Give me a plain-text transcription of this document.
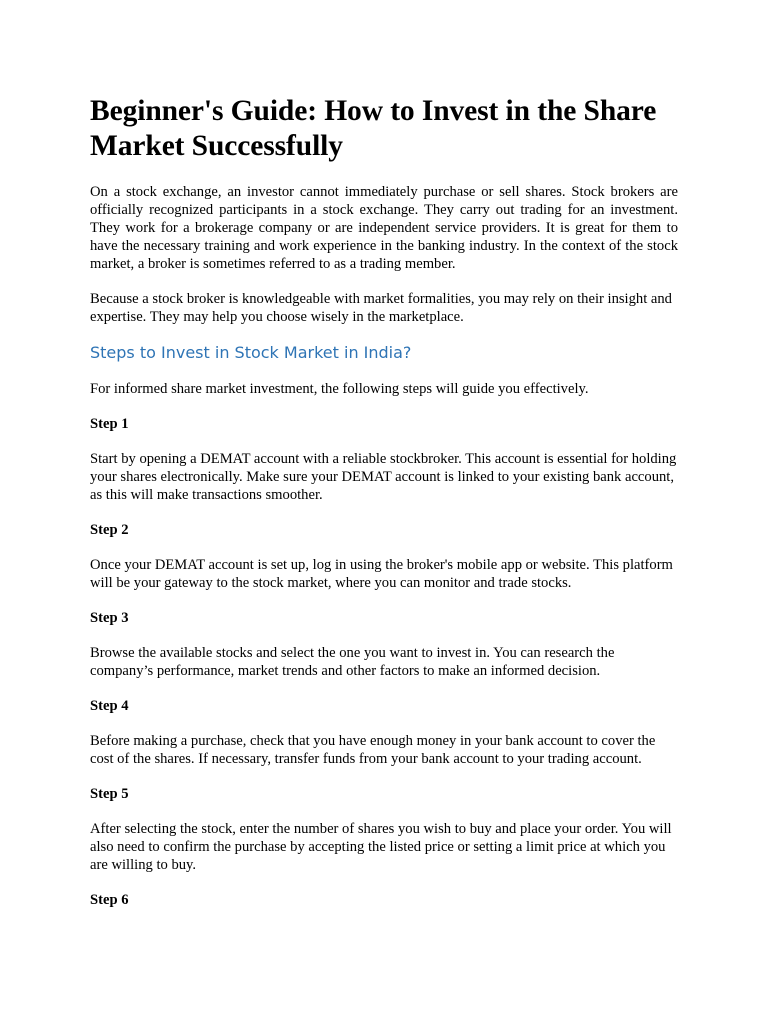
Beginner's Guide: How to Invest in the Share Market Successfully

On a stock exchange, an investor cannot immediately purchase or sell shares. Stock brokers are officially recognized participants in a stock exchange. They carry out trading for an investment. They work for a brokerage company or are independent service providers. It is great for them to have the necessary training and work experience in the banking industry. In the context of the stock market, a broker is sometimes referred to as a trading member.

Because a stock broker is knowledgeable with market formalities, you may rely on their insight and expertise. They may help you choose wisely in the marketplace.

Steps to Invest in Stock Market in India?

For informed share market investment, the following steps will guide you effectively.

Step 1

Start by opening a DEMAT account with a reliable stockbroker. This account is essential for holding your shares electronically. Make sure your DEMAT account is linked to your existing bank account, as this will make transactions smoother.

Step 2

Once your DEMAT account is set up, log in using the broker's mobile app or website. This platform will be your gateway to the stock market, where you can monitor and trade stocks.

Step 3

Browse the available stocks and select the one you want to invest in. You can research the company’s performance, market trends and other factors to make an informed decision.

Step 4

Before making a purchase, check that you have enough money in your bank account to cover the cost of the shares. If necessary, transfer funds from your bank account to your trading account.

Step 5

After selecting the stock, enter the number of shares you wish to buy and place your order. You will also need to confirm the purchase by accepting the listed price or setting a limit price at which you are willing to buy.

Step 6
